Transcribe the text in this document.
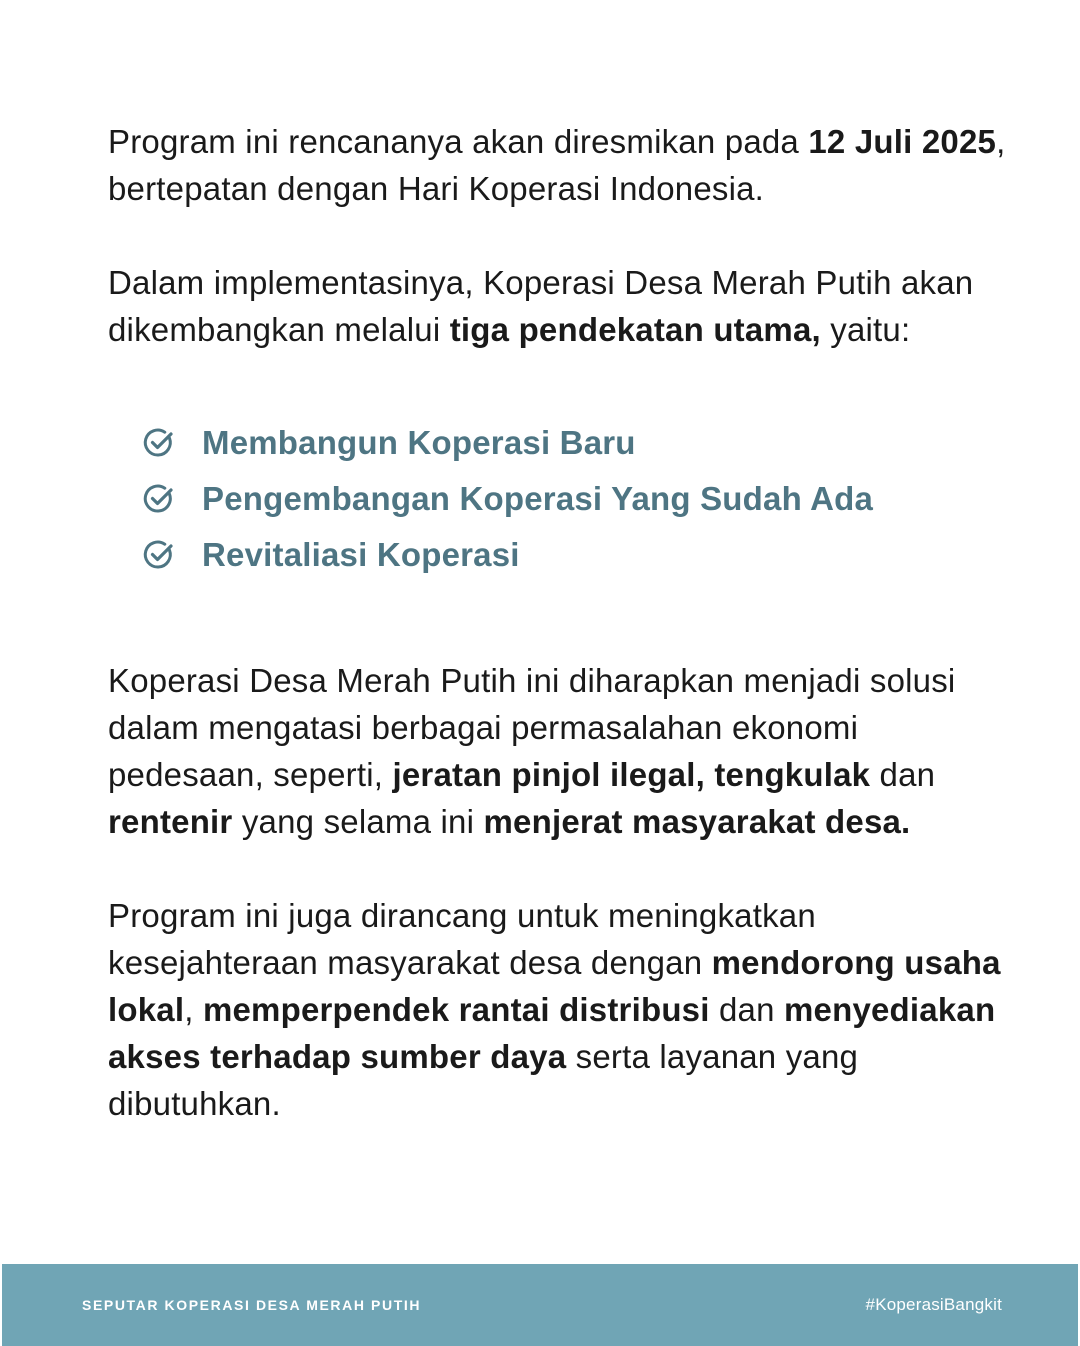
Program ini rencananya akan diresmikan pada 12 Juli 2025, bertepatan dengan Hari Koperasi Indonesia.

Dalam implementasinya, Koperasi Desa Merah Putih akan dikembangkan melalui tiga pendekatan utama, yaitu:

Membangun Koperasi Baru
Pengembangan Koperasi Yang Sudah Ada
Revitaliasi Koperasi

Koperasi Desa Merah Putih ini diharapkan menjadi solusi dalam mengatasi berbagai permasalahan ekonomi pedesaan, seperti, jeratan pinjol ilegal, tengkulak dan rentenir yang selama ini menjerat masyarakat desa.

Program ini juga dirancang untuk meningkatkan kesejahteraan masyarakat desa dengan mendorong usaha lokal, memperpendek rantai distribusi dan menyediakan akses terhadap sumber daya serta layanan yang dibutuhkan.

SEPUTAR KOPERASI DESA MERAH PUTIH	#KoperasiBangkit
